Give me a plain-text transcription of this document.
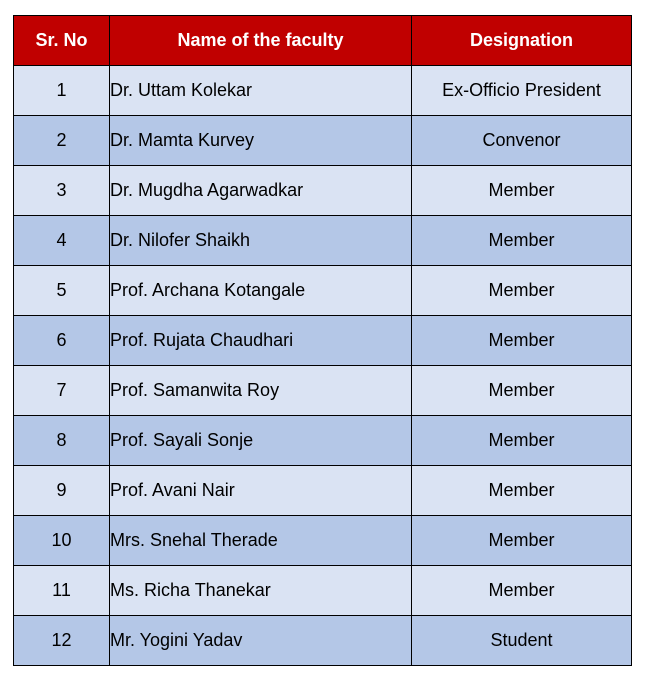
Sr. No	Name of the faculty	Designation
1	Dr. Uttam Kolekar	Ex-Officio President
2	Dr. Mamta Kurvey	Convenor
3	Dr. Mugdha Agarwadkar	Member
4	Dr. Nilofer Shaikh	Member
5	Prof. Archana Kotangale	Member
6	Prof. Rujata Chaudhari	Member
7	Prof. Samanwita Roy	Member
8	Prof. Sayali Sonje	Member
9	Prof. Avani Nair	Member
10	Mrs. Snehal Therade	Member
11	Ms. Richa Thanekar	Member
12	Mr. Yogini Yadav	Student
